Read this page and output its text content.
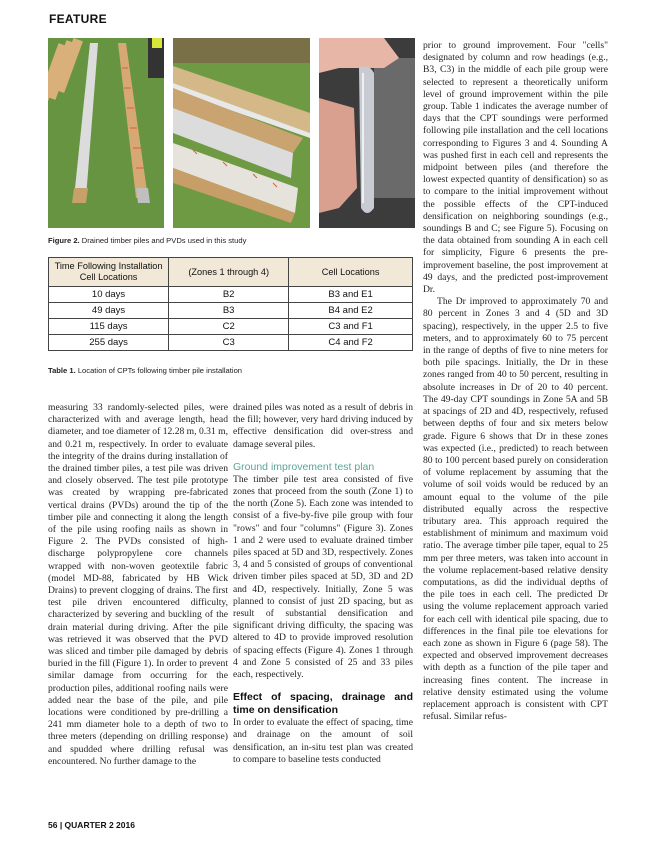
FEATURE
Figure 2. Drained timber piles and PVDs used in this study
Time Following Installation Cell Locations	(Zones 1 through 4)	Cell Locations
10 days	B2	B3 and E1
49 days	B3	B4 and E2
115 days	C2	C3 and F1
255 days	C3	C4 and F2
Table 1. Location of CPTs following timber pile installation

measuring 33 randomly-selected piles, were characterized with and average length, head diameter, and toe diameter of 12.28 m, 0.31 m, and 0.21 m, respectively. In order to evaluate the integrity of the drains during installation of the drained timber piles, a test pile was driven and closely observed. The test pile prototype was created by wrapping pre-fabricated vertical drains (PVDs) around the tip of the timber pile and connecting it along the length of the pile using roofing nails as shown in Figure 2. The PVDs consisted of high-discharge polypropylene core channels wrapped with non-woven geotextile fabric (model MD-88, fabricated by HB Wick Drains) to prevent clogging of drains. The first test pile driven encountered difficulty, characterized by severing and buckling of the drain material during driving. After the pile was retrieved it was observed that the PVD was sliced and timber pile damaged by debris buried in the fill (Figure 1). In order to prevent similar damage from occurring for the production piles, additional roofing nails were added near the base of the pile, and pile locations were conditioned by pre-drilling a 241 mm diameter hole to a depth of two to three meters (depending on drilling response) and spudded where drilling refusal was encountered. No further damage to the

drained piles was noted as a result of debris in the fill; however, very hard driving induced by effective densification did over-stress and damage several piles.

Ground improvement test plan

The timber pile test area consisted of five zones that proceed from the south (Zone 1) to the north (Zone 5). Each zone was intended to consist of a five-by-five pile group with four "rows" and four "columns" (Figure 3). Zones 1 and 2 were used to evaluate drained timber piles spaced at 5D and 3D, respectively. Zones 3, 4 and 5 consisted of groups of conventional driven timber piles spaced at 5D, 3D and 2D and 4D, respectively. Initially, Zone 5 was planned to consist of just 2D spacing, but as result of substantial densification and significant driving difficulty, the spacing was altered to 4D to provide improved resolution of spacing effects (Figure 4). Zones 1 through 4 and Zone 5 consisted of 25 and 33 piles each, respectively.

Effect of spacing, drainage and time on densification

In order to evaluate the effect of spacing, time and drainage on the amount of soil densification, an in-situ test plan was created to compare to baseline tests conducted

prior to ground improvement. Four "cells" designated by column and row headings (e.g., B3, C3) in the middle of each pile group were selected to represent a theoretically uniform level of ground improvement within the pile group. Table 1 indicates the average number of days that the CPT soundings were performed following pile installation and the cell locations corresponding to Figures 3 and 4. Sounding A was pushed first in each cell and represents the midpoint between piles (and therefore the lowest expected quantity of densification) so as to compare to the initial improvement without the possible effects of the CPT-induced densification on neighboring soundings (e.g., soundings B and C; see Figure 5). Focusing on the data obtained from sounding A in each cell for simplicity, Figure 6 presents the pre-improvement baseline, the post improvement at 49 days, and the predicted post-improvement Dr.

The Dr improved to approximately 70 and 80 percent in Zones 3 and 4 (5D and 3D spacing), respectively, in the upper 2.5 to five meters, and to approximately 60 to 75 percent in the range of depths of five to nine meters for both pile spacings. Initially, the Dr in these zones ranged from 40 to 50 percent, resulting in absolute increases in Dr of 20 to 40 percent. The 49-day CPT soundings in Zone 5A and 5B at spacings of 2D and 4D, respectively, refused between depths of four and six meters below grade. Figure 6 shows that Dr in these zones was expected (i.e., predicted) to reach between 80 to 100 percent based purely on consideration of volume replacement by assuming that the volume of soil voids would be reduced by an amount equal to the volume of the pile distributed equally across the respective tributary area. This approach required the establishment of minimum and maximum void ratio. The average timber pile taper, equal to 25 mm per three meters, was taken into account in the volume replacement-based relative density computations, as did the individual depths of the pile toes in each cell. The predicted Dr using the volume replacement approach varied for each cell with identical pile spacing, due to differences in the final pile toe elevations for each zone as shown in Figure 6 (page 58). The expected and observed improvement decreases with depth as a function of the pile taper and increasing fines content. The increase in relative density estimated using the volume replacement approach is consistent with CPT refusal. Similar refus-

56 | QUARTER 2 2016
